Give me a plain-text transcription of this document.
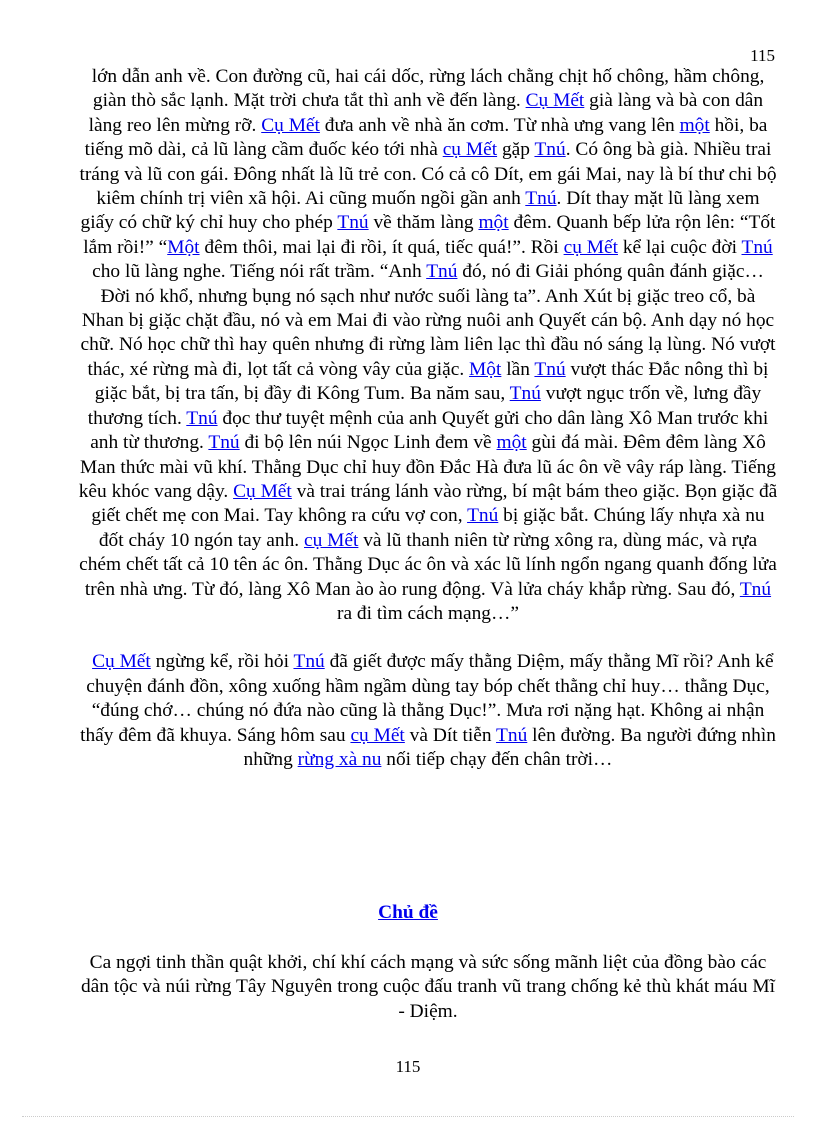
115

lớn dẫn anh về. Con đường cũ, hai cái dốc, rừng lách chằng chịt hố chông, hầm chông, giàn thò sắc lạnh. Mặt trời chưa tắt thì anh về đến làng. Cụ Mết già làng và bà con dân làng reo lên mừng rỡ. Cụ Mết đưa anh về nhà ăn cơm. Từ nhà ưng vang lên một hồi, ba tiếng mõ dài, cả lũ làng cầm đuốc kéo tới nhà cụ Mết gặp Tnú. Có ông bà già. Nhiều trai tráng và lũ con gái. Đông nhất là lũ trẻ con. Có cả cô Dít, em gái Mai, nay là bí thư chi bộ kiêm chính trị viên xã hội. Ai cũng muốn ngồi gần anh Tnú. Dít thay mặt lũ làng xem giấy có chữ ký chỉ huy cho phép Tnú về thăm làng một đêm. Quanh bếp lửa rộn lên: “Tốt lắm rồi!” “Một đêm thôi, mai lại đi rồi, ít quá, tiếc quá!”. Rồi cụ Mết kể lại cuộc đời Tnú cho lũ làng nghe. Tiếng nói rất trầm. “Anh Tnú đó, nó đi Giải phóng quân đánh giặc… Đời nó khổ, nhưng bụng nó sạch như nước suối làng ta”. Anh Xút bị giặc treo cổ, bà Nhan bị giặc chặt đầu, nó và em Mai đi vào rừng nuôi anh Quyết cán bộ. Anh dạy nó học chữ. Nó học chữ thì hay quên nhưng đi rừng làm liên lạc thì đầu nó sáng lạ lùng. Nó vượt thác, xé rừng mà đi, lọt tất cả vòng vây của giặc. Một lần Tnú vượt thác Đắc nông thì bị giặc bắt, bị tra tấn, bị đầy đi Kông Tum. Ba năm sau, Tnú vượt ngục trốn về, lưng đầy thương tích. Tnú đọc thư tuyệt mệnh của anh Quyết gửi cho dân làng Xô Man trước khi anh từ thương. Tnú đi bộ lên núi Ngọc Linh đem về một gùi đá mài. Đêm đêm làng Xô Man thức mài vũ khí. Thằng Dục chỉ huy đồn Đắc Hà đưa lũ ác ôn về vây ráp làng. Tiếng kêu khóc vang dậy. Cụ Mết và trai tráng lánh vào rừng, bí mật bám theo giặc. Bọn giặc đã giết chết mẹ con Mai. Tay không ra cứu vợ con, Tnú bị giặc bắt. Chúng lấy nhựa xà nu đốt cháy 10 ngón tay anh. cụ Mết và lũ thanh niên từ rừng xông ra, dùng mác, và rựa chém chết tất cả 10 tên ác ôn. Thằng Dục ác ôn và xác lũ lính ngổn ngang quanh đống lửa trên nhà ưng. Từ đó, làng Xô Man ào ào rung động. Và lửa cháy khắp rừng. Sau đó, Tnú ra đi tìm cách mạng…”

Cụ Mết ngừng kể, rồi hỏi Tnú đã giết được mấy thằng Diệm, mấy thằng Mĩ rồi? Anh kể chuyện đánh đồn, xông xuống hầm ngầm dùng tay bóp chết thằng chỉ huy… thằng Dục, “đúng chớ… chúng nó đứa nào cũng là thằng Dục!”. Mưa rơi nặng hạt. Không ai nhận thấy đêm đã khuya. Sáng hôm sau cụ Mết và Dít tiễn Tnú lên đường. Ba người đứng nhìn những rừng xà nu nối tiếp chạy đến chân trời…

Chủ đề
Ca ngợi tinh thần quật khởi, chí khí cách mạng và sức sống mãnh liệt của đồng bào các dân tộc và núi rừng Tây Nguyên trong cuộc đấu tranh vũ trang chống kẻ thù khát máu Mĩ - Diệm.
115
